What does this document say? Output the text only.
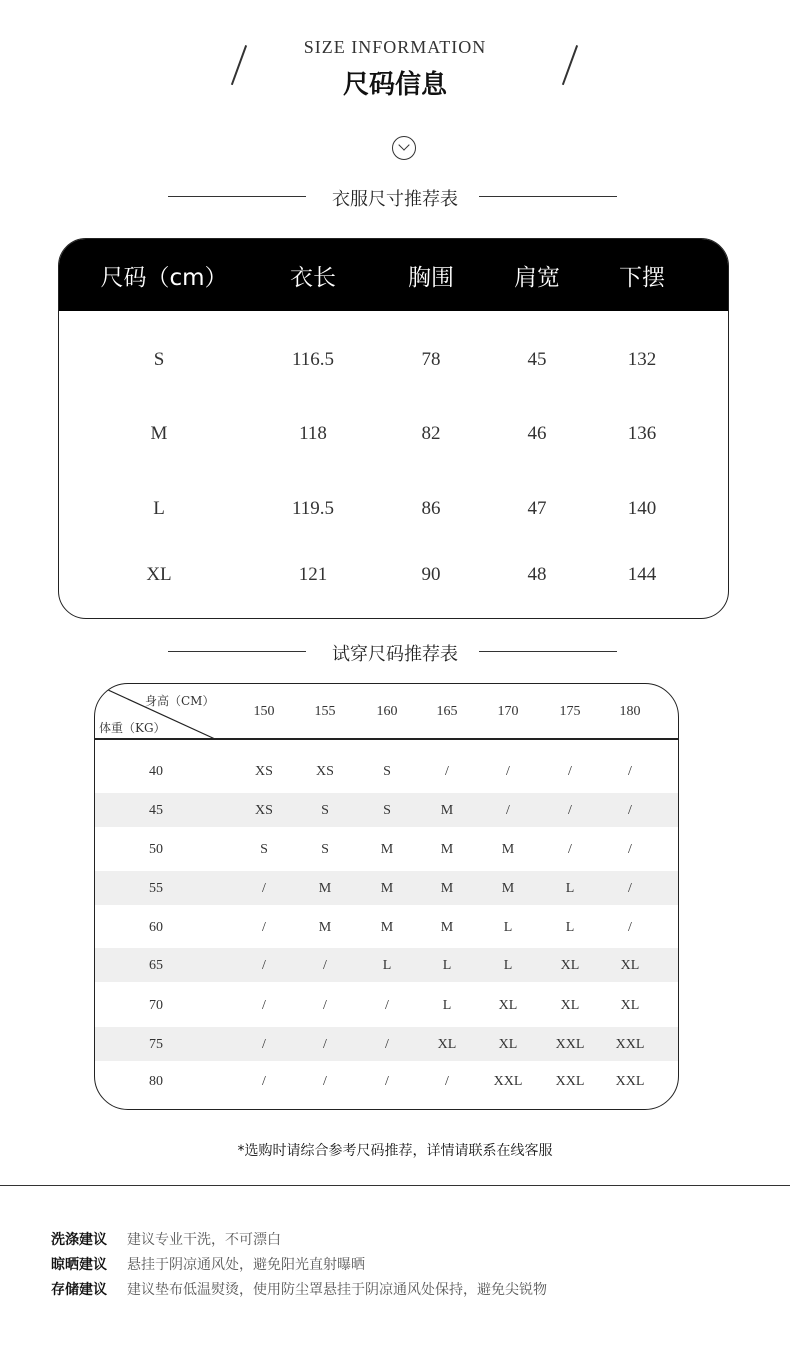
SIZE INFORMATION
尺码信息
衣服尺寸推荐表
尺码（cm）	衣长	胸围	肩宽	下摆
S	116.5	78	45	132
M	118	82	46	136
L	119.5	86	47	140
XL	121	90	48	144
试穿尺码推荐表
身高（CM）
体重（KG）
150	155	160	165	170	175	180
40	XS	XS	S	/	/	/	/
45	XS	S	S	M	/	/	/
50	S	S	M	M	M	/	/
55	/	M	M	M	M	L	/
60	/	M	M	M	L	L	/
65	/	/	L	L	L	XL	XL
70	/	/	/	L	XL	XL	XL
75	/	/	/	XL	XL	XXL	XXL
80	/	/	/	/	XXL	XXL	XXL
*选购时请综合参考尺码推荐，详情请联系在线客服
洗涤建议 建议专业干洗，不可漂白
晾晒建议 悬挂于阴凉通风处，避免阳光直射曝晒
存储建议 建议垫布低温熨烫，使用防尘罩悬挂于阴凉通风处保持，避免尖锐物
